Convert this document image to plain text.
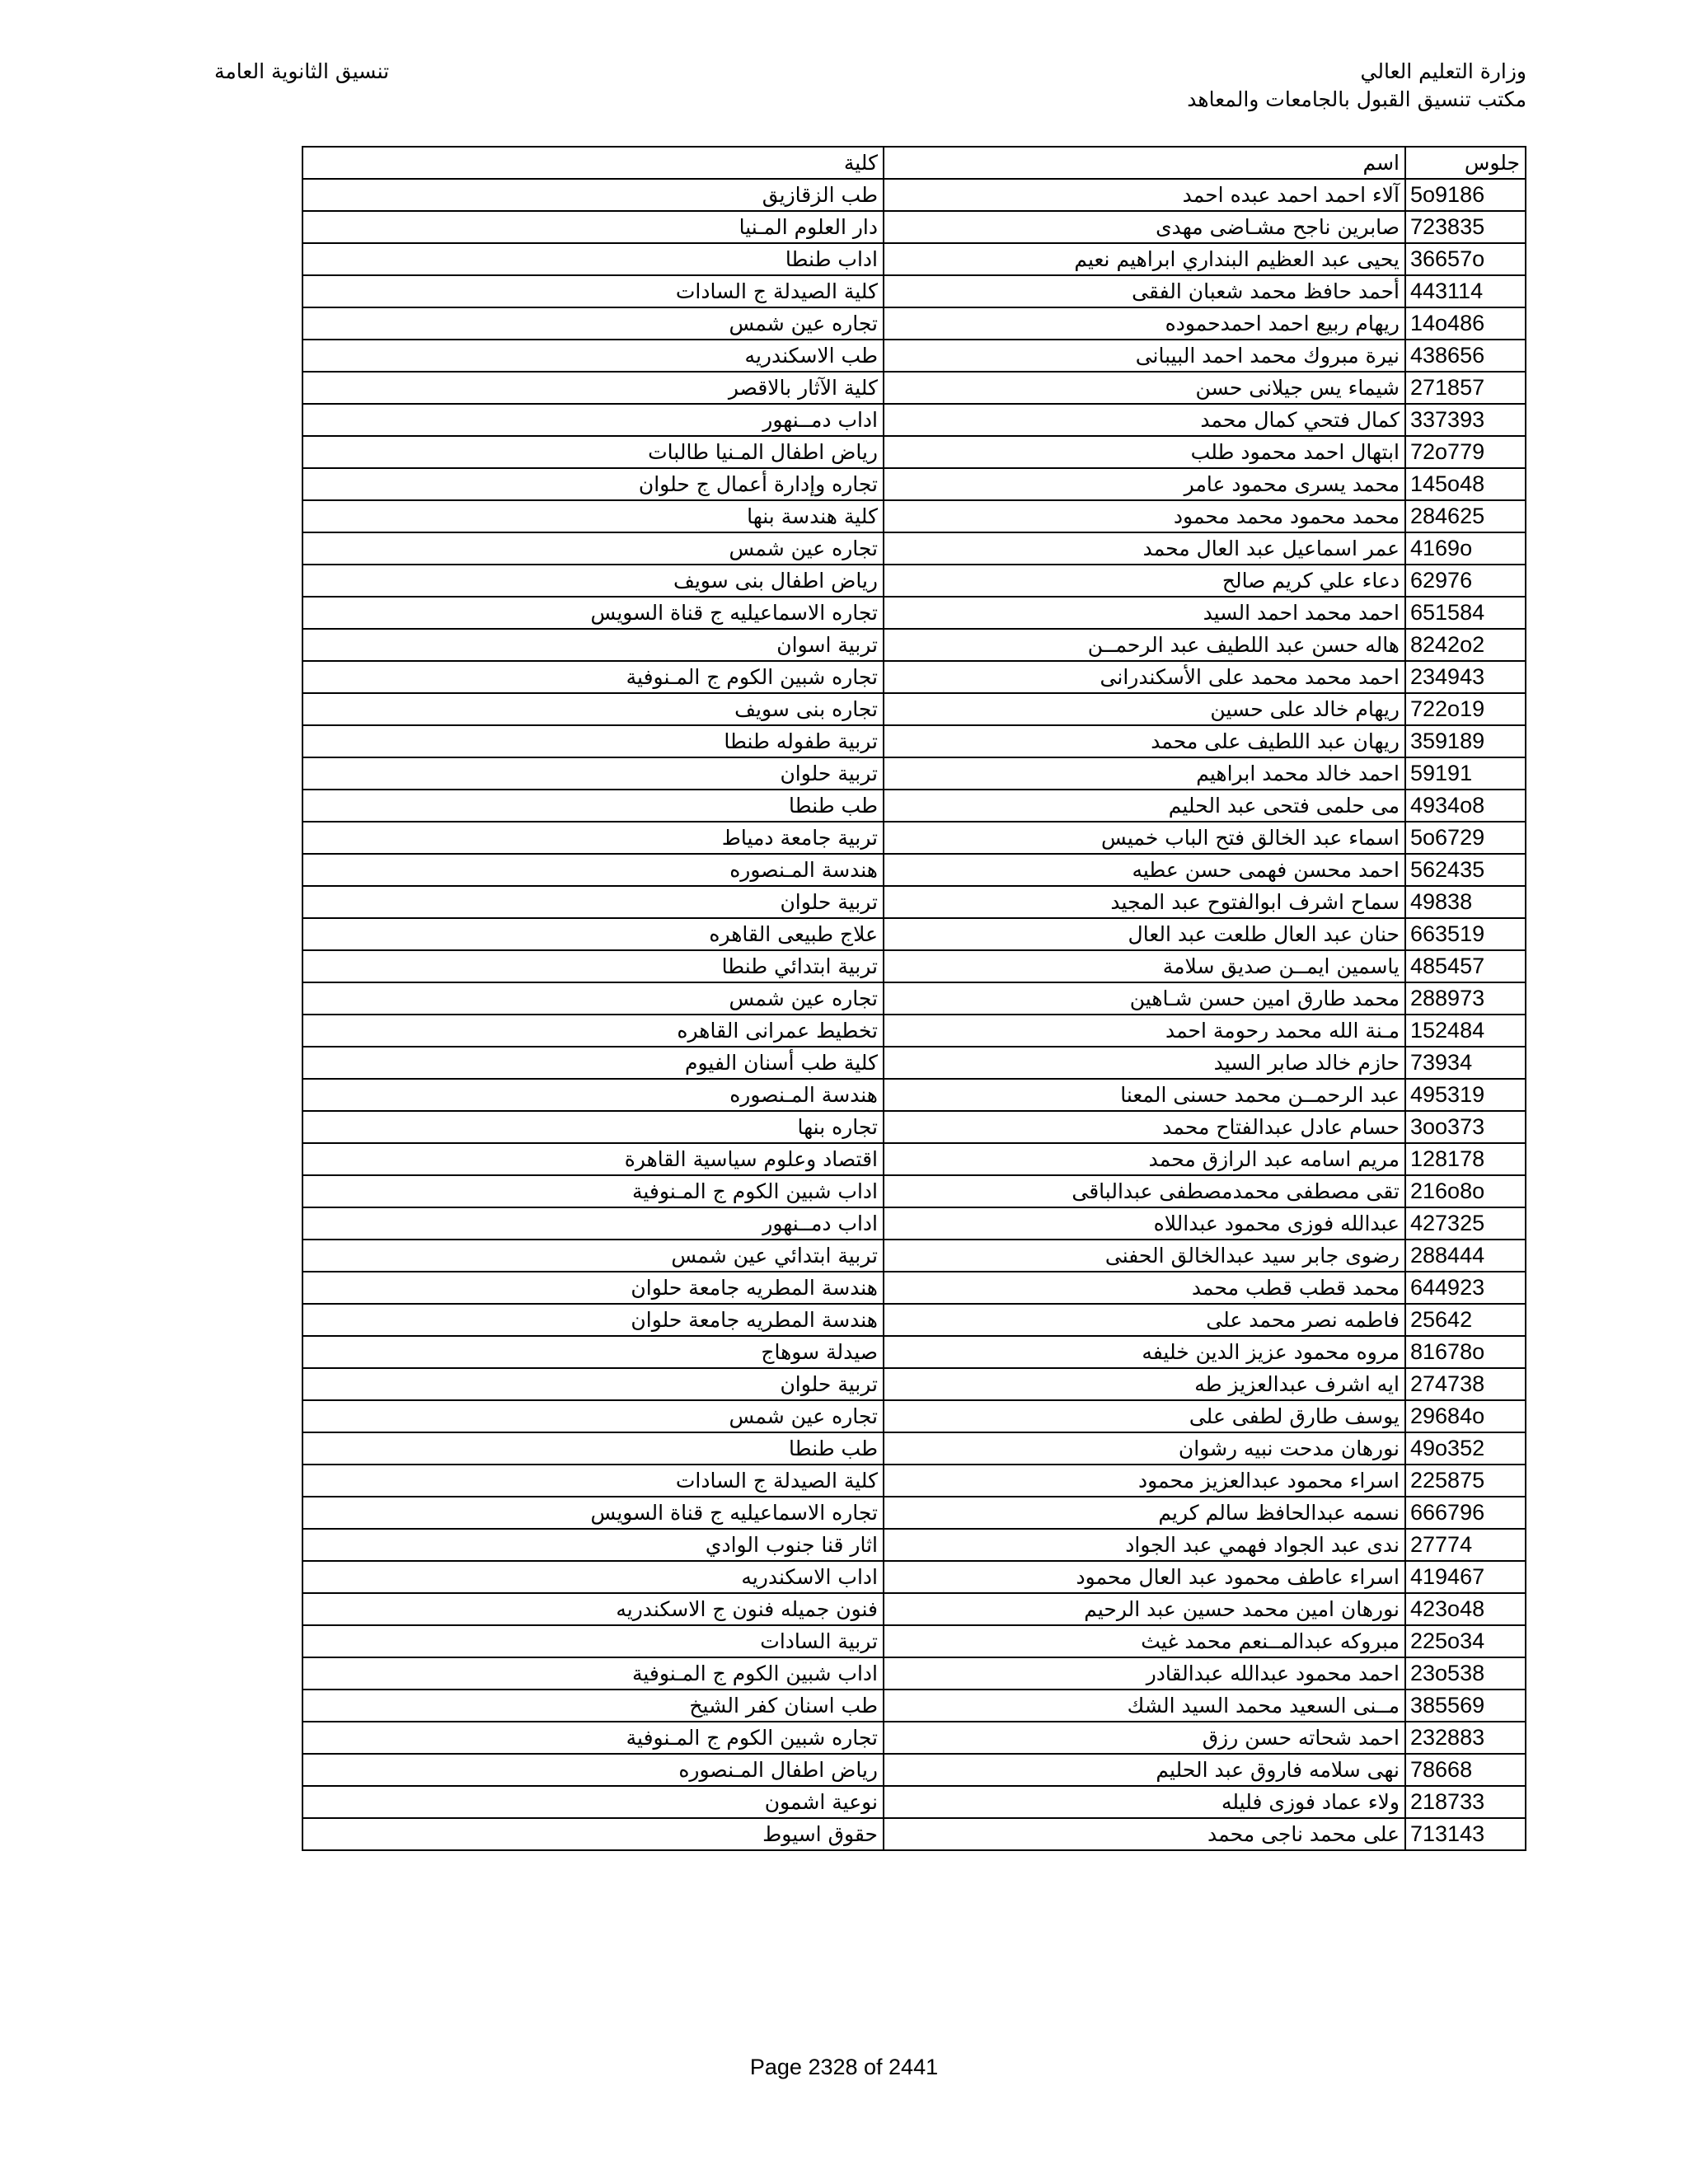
وزارة التعليم العالي
مكتب تنسيق القبول بالجامعات والمعاهد
تنسيق الثانوية العامة
كلية	اسم	جلوس

طب الزقازيق	آلاء احمد احمد عبده احمد	5o9186
دار العلوم المـنيا	صابرين ناجح مشـاضى مهدى	723835
اداب طنطا	يحيى عبد العظيم البنداري ابراهيم نعيم	36657o
كلية الصيدلة ج السادات	أحمد حافظ محمد شعبان الفقى	443114
تجاره عين شمس	ريهام ربيع احمد احمدحموده	14o486
طب الاسكندريه	نيرة مبروك محمد احمد البيبانى	438656
كلية الآثار بالاقصر	شيماء يس جيلانى حسن	271857
اداب دمــنهور	كمال فتحي كمال محمد	337393
رياض اطفال المـنيا طالبات	ابتهال احمد محمود طلب	72o779
تجاره وإدارة أعمال ج حلوان	محمد يسرى محمود عامر	145o48
كلية هندسة بنها	محمد محمود محمد محمود	284625
تجاره عين شمس	عمر اسماعيل عبد العال محمد	4169o
رياض اطفال بنى سويف	دعاء علي كريم صالح	62976
تجاره الاسماعيليه ج قناة السويس	احمد محمد احمد السيد	651584
تربية اسوان	هاله حسن عبد اللطيف عبد الرحمــن	8242o2
تجاره شبين الكوم ج المـنوفية	احمد محمد محمد على الأسكندرانى	234943
تجاره بنى سويف	ريهام خالد على حسين	722o19
تربية طفوله طنطا	ريهان عبد اللطيف على محمد	359189
تربية حلوان	احمد خالد محمد ابراهيم	59191
طب طنطا	مى حلمى فتحى عبد الحليم	4934o8
تربية جامعة دمياط	اسماء عبد الخالق فتح الباب خميس	5o6729
هندسة المـنصوره	احمد محسن فهمى حسن عطيه	562435
تربية حلوان	سماح اشرف ابوالفتوح عبد المجيد	49838
علاج طبيعى القاهره	حنان عبد العال طلعت عبد العال	663519
تربية ابتدائي طنطا	ياسمين ايمــن صديق سلامة	485457
تجاره عين شمس	محمد طارق امين حسن شـاهين	288973
تخطيط عمرانى القاهره	مـنة الله محمد رحومة احمد	152484
كلية طب أسنان الفيوم	حازم خالد صابر السيد	73934
هندسة المـنصوره	عبد الرحمــن محمد حسنى المعنا	495319
تجاره بنها	حسام عادل عبدالفتاح محمد	3oo373
اقتصاد وعلوم سياسية القاهرة	مريم اسامه عبد الرازق محمد	128178
اداب شبين الكوم ج المـنوفية	تقى مصطفى محمدمصطفى عبدالباقى	216o8o
اداب دمــنهور	عبدالله فوزى محمود عبداللاه	427325
تربية ابتدائي عين شمس	رضوى جابر سيد عبدالخالق الحفنى	288444
هندسة المطريه جامعة حلوان	محمد قطب قطب محمد	644923
هندسة المطريه جامعة حلوان	فاطمه نصر محمد على	25642
صيدلة سوهاج	مروه محمود عزيز الدين خليفه	81678o
تربية حلوان	ايه اشرف عبدالعزيز طه	274738
تجاره عين شمس	يوسف طارق لطفى على	29684o
طب طنطا	نورهان مدحت نبيه رشوان	49o352
كلية الصيدلة ج السادات	اسراء محمود عبدالعزيز محمود	225875
تجاره الاسماعيليه ج قناة السويس	نسمه عبدالحافظ سالم كريم	666796
اثار قنا جنوب الوادي	ندى عبد الجواد فهمي عبد الجواد	27774
اداب الاسكندريه	اسراء عاطف محمود عبد العال محمود	419467
فنون جميله فنون ج الاسكندريه	نورهان امين محمد حسين عبد الرحيم	423o48
تربية السادات	مبروكه عبدالمــنعم محمد غيث	225o34
اداب شبين الكوم ج المـنوفية	احمد محمود عبدالله عبدالقادر	23o538
طب اسنان كفر الشيخ	مــنى السعيد محمد السيد الشك	385569
تجاره شبين الكوم ج المـنوفية	احمد شحاته حسن رزق	232883
رياض اطفال المـنصوره	نهى سلامه فاروق عبد الحليم	78668
نوعية اشمون	ولاء عماد فوزى فليله	218733
حقوق اسيوط	على محمد ناجى محمد	713143
Page 2328 of 2441
